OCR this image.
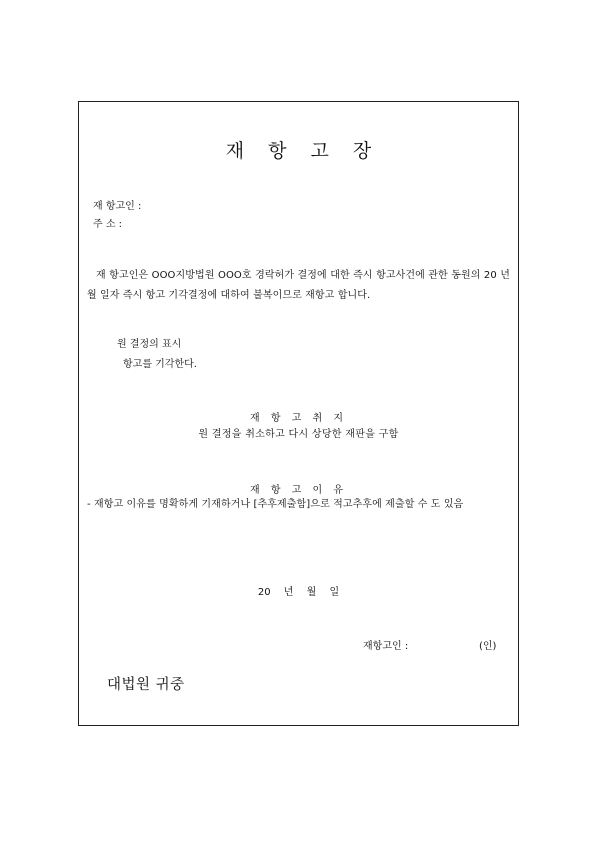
재 항 고 장
재 항고인 :
주 소 :
재 항고인은 OOO지방법원 OOO호 경락허가 결정에 대한 즉시 항고사건에 관한 동원의 20 년 월 일자 즉시 항고 기각결정에 대하여 불복이므로 재항고 합니다.
원 결정의 표시
항고를 기각한다.
재 항 고 취 지
원 결정을 취소하고 다시 상당한 재판을 구함
재 항 고 이 유
- 재항고 이유를 명확하게 기재하거나 [추후제출함]으로 적고추후에 제출할 수 도 있음
20 년 월 일
재항고인 :	(인)
대법원 귀중
